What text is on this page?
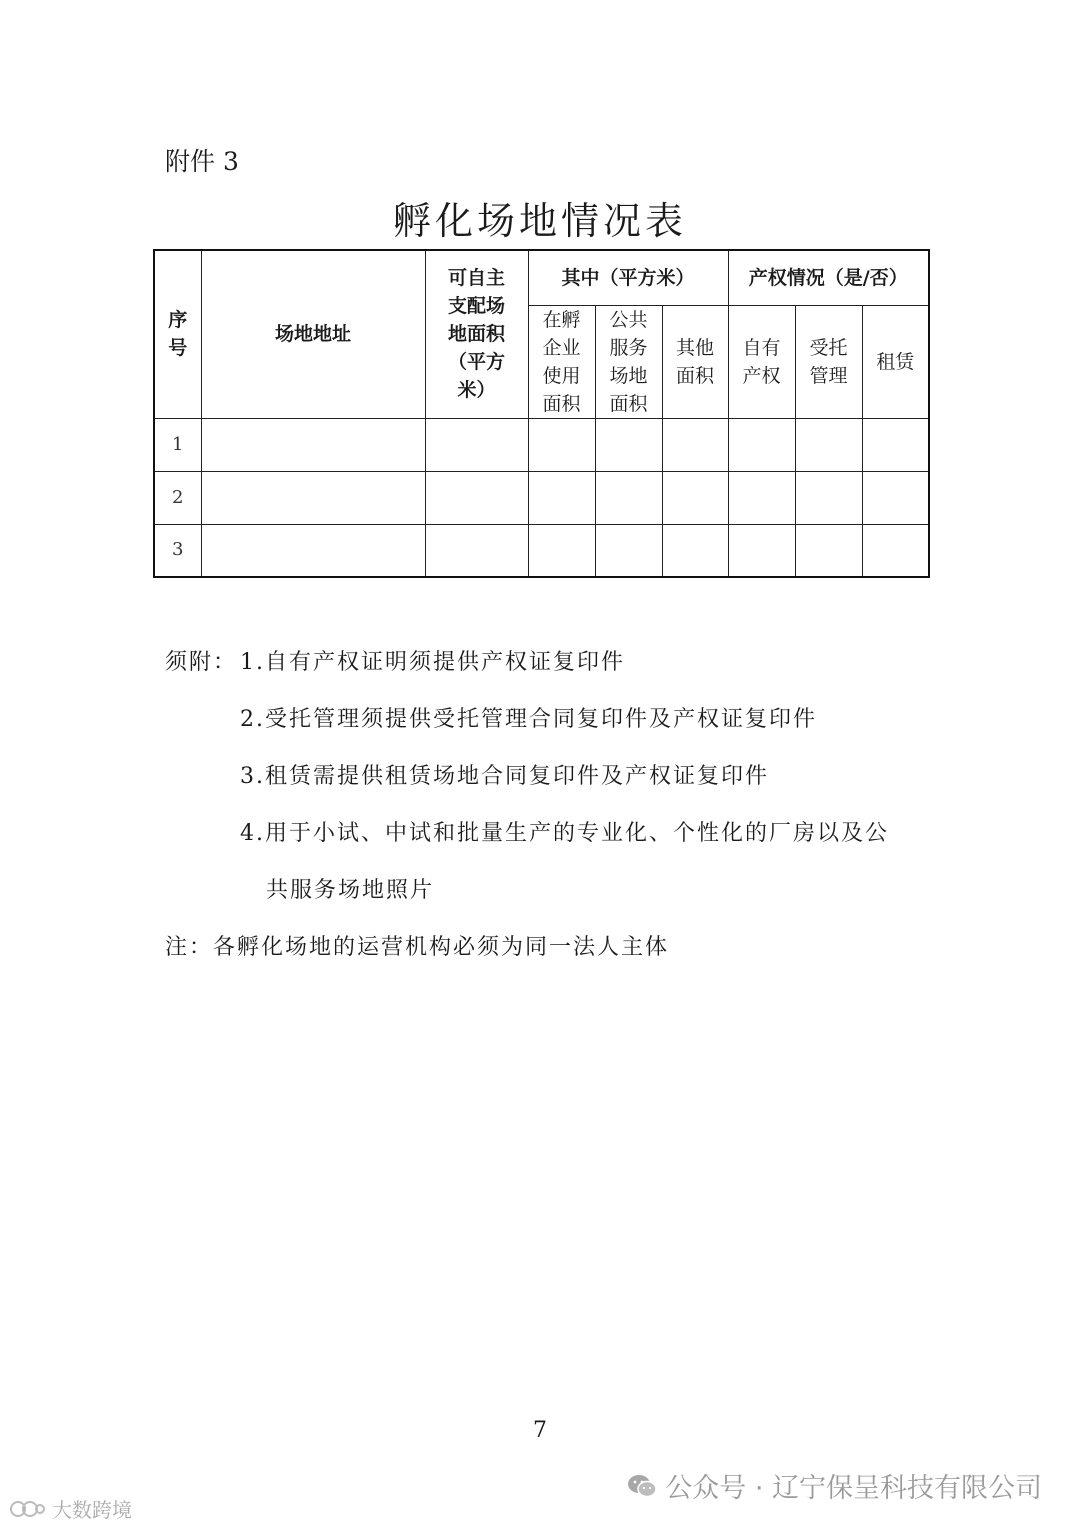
附件 3
孵化场地情况表
序号	场地地址	可自主支配场地面积（平方米）	其中（平方米）			产权情况（是/否）		
			在孵企业使用面积	公共服务场地面积	其他面积	自有产权	受托管理	租赁
1								
2								
3								
须附： 1.自有产权证明须提供产权证复印件
2.受托管理须提供受托管理合同复印件及产权证复印件
3.租赁需提供租赁场地合同复印件及产权证复印件
4.用于小试、中试和批量生产的专业化、个性化的厂房以及公
共服务场地照片
注：各孵化场地的运营机构必须为同一法人主体
7
公众号 · 辽宁保呈科技有限公司
大数跨境
